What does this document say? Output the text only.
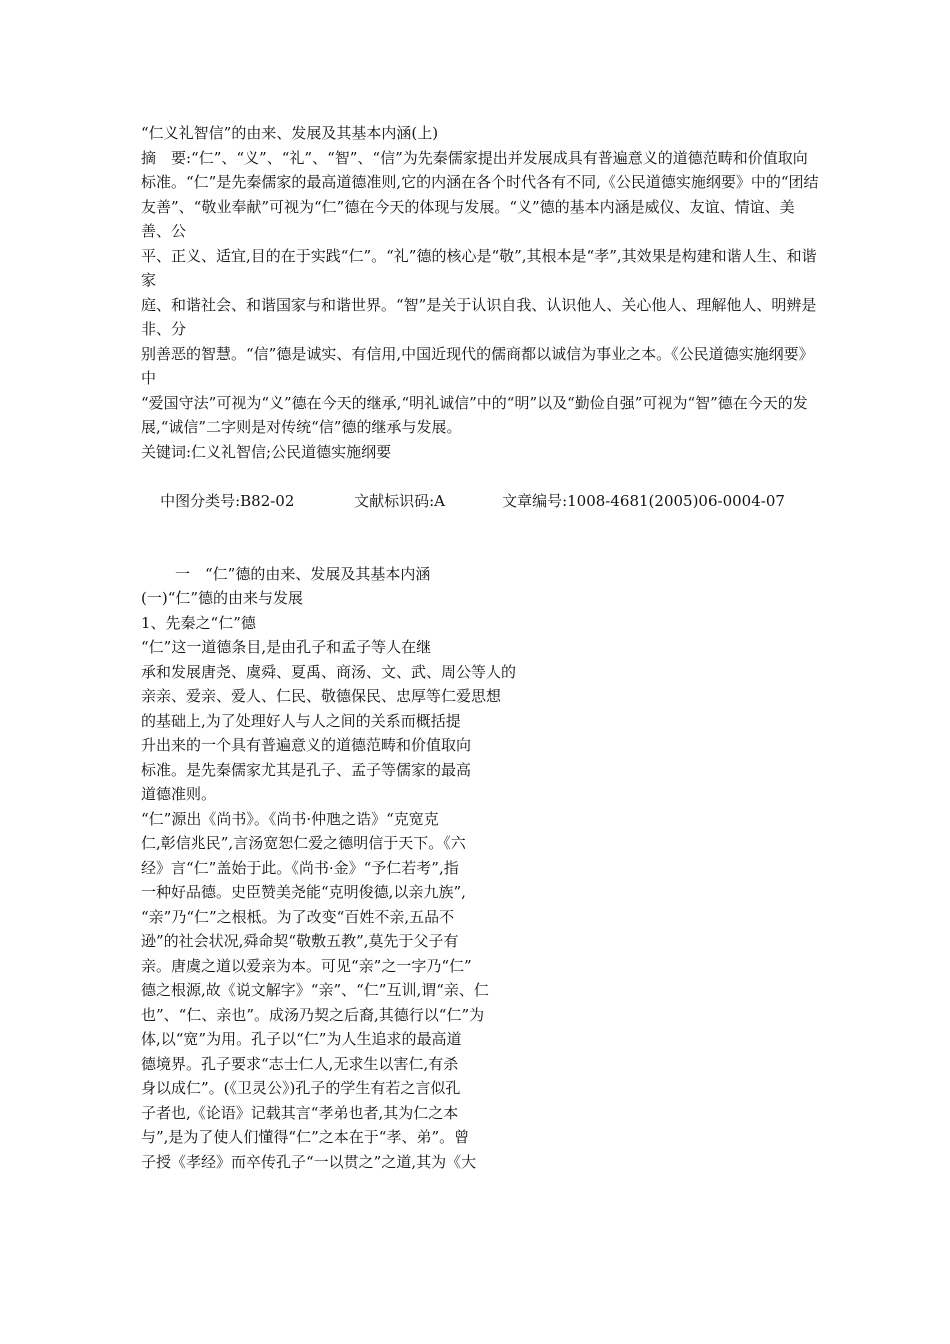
“仁义礼智信”的由来、发展及其基本内涵(上)
摘　要:“仁”、“义”、“礼”、“智”、“信”为先秦儒家提出并发展成具有普遍意义的道德范畴和价值取向
标准。“仁”是先秦儒家的最高道德准则,它的内涵在各个时代各有不同,《公民道德实施纲要》中的“团结
友善”、“敬业奉献”可视为“仁”德在今天的体现与发展。“义”德的基本内涵是威仪、友谊、情谊、美善、公
平、正义、适宜,目的在于实践“仁”。“礼”德的核心是“敬”,其根本是“孝”,其效果是构建和谐人生、和谐家
庭、和谐社会、和谐国家与和谐世界。“智”是关于认识自我、认识他人、关心他人、理解他人、明辨是非、分
别善恶的智慧。“信”德是诚实、有信用,中国近现代的儒商都以诚信为事业之本。《公民道德实施纲要》中
“爱国守法”可视为“义”德在今天的继承,“明礼诚信”中的“明”以及“勤俭自强”可视为“智”德在今天的发
展,“诚信”二字则是对传统“信”德的继承与发展。
关键词:仁义礼智信;公民道德实施纲要

中图分类号:B82-02	文献标识码:A	文章编号:1008-4681(2005)06-0004-07

一　“仁”德的由来、发展及其基本内涵
(一)“仁”德的由来与发展
1、先秦之“仁”德
“仁”这一道德条目,是由孔子和孟子等人在继
承和发展唐尧、虞舜、夏禹、商汤、文、武、周公等人的
亲亲、爱亲、爱人、仁民、敬德保民、忠厚等仁爱思想
的基础上,为了处理好人与人之间的关系而概括提
升出来的一个具有普遍意义的道德范畴和价值取向
标准。是先秦儒家尤其是孔子、孟子等儒家的最高
道德准则。
“仁”源出《尚书》。《尚书·仲虺之诰》“克宽克
仁,彰信兆民”,言汤宽恕仁爱之德明信于天下。《六
经》言“仁”盖始于此。《尚书·金》“予仁若考”,指
一种好品德。史臣赞美尧能“克明俊德,以亲九族”,
“亲”乃“仁”之根柢。为了改变“百姓不亲,五品不
逊”的社会状况,舜命契“敬敷五教”,莫先于父子有
亲。唐虞之道以爱亲为本。可见“亲”之一字乃“仁”
德之根源,故《说文解字》“亲”、“仁”互训,谓“亲、仁
也”、“仁、亲也”。成汤乃契之后裔,其德行以“仁”为
体,以“宽”为用。孔子以“仁”为人生追求的最高道
德境界。孔子要求“志士仁人,无求生以害仁,有杀
身以成仁”。(《卫灵公》)孔子的学生有若之言似孔
子者也,《论语》记载其言“孝弟也者,其为仁之本
与”,是为了使人们懂得“仁”之本在于“孝、弟”。曾
子授《孝经》而卒传孔子“一以贯之”之道,其为《大
